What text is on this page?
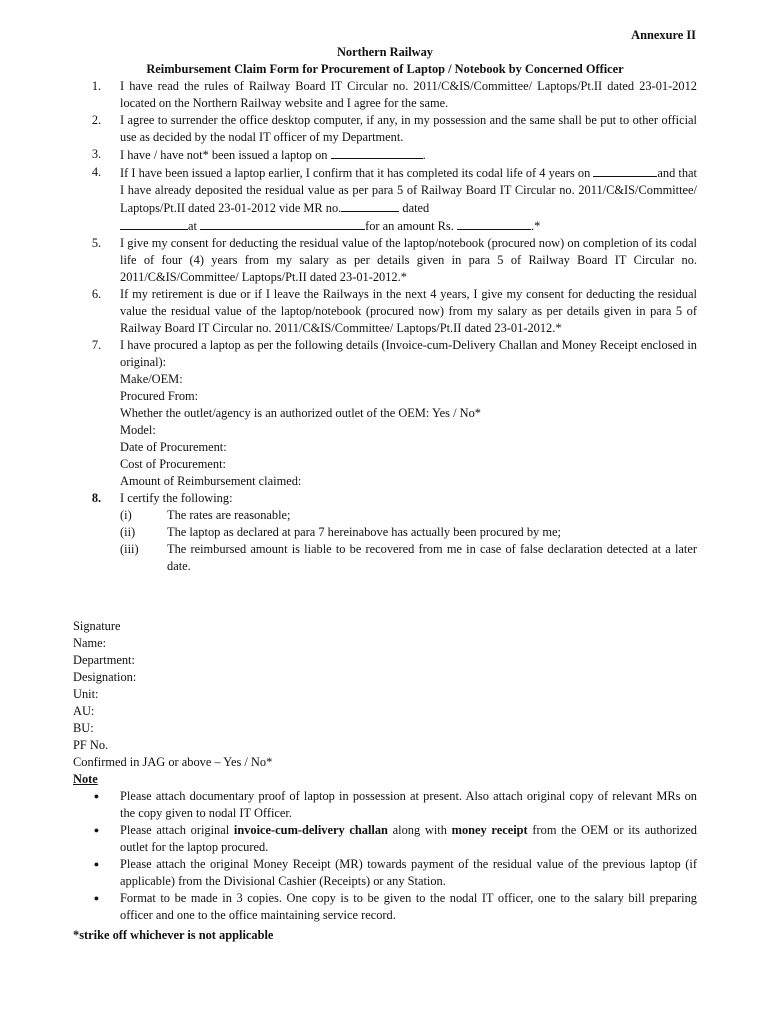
Annexure II
Northern Railway
Reimbursement Claim Form for Procurement of Laptop / Notebook by Concerned Officer
1.	I have read the rules of Railway Board IT Circular no. 2011/C&IS/Committee/ Laptops/Pt.II dated 23-01-2012 located on the Northern Railway website and I agree for the same.
2.	I agree to surrender the office desktop computer, if any, in my possession and the same shall be put to other official use as decided by the nodal IT officer of my Department.
3.	I have / have not* been issued a laptop on	.
4.	If I have been issued a laptop earlier, I confirm that it has completed its codal life of 4 years on	and that I have already deposited the residual value as per para 5 of Railway Board IT Circular no. 2011/C&IS/Committee/ Laptops/Pt.II dated 23-01-2012 vide MR no.	dated
at	for an amount Rs.	.*
5.	I give my consent for deducting the residual value of the laptop/notebook (procured now) on completion of its codal life of four (4) years from my salary as per details given in para 5 of Railway Board IT Circular no. 2011/C&IS/Committee/ Laptops/Pt.II dated 23-01-2012.*
6.	If my retirement is due or if I leave the Railways in the next 4 years, I give my consent for deducting the residual value the residual value of the laptop/notebook (procured now) from my salary as per details given in para 5 of Railway Board IT Circular no. 2011/C&IS/Committee/ Laptops/Pt.II dated 23-01-2012.*
7.	I have procured a laptop as per the following details (Invoice-cum-Delivery Challan and Money Receipt enclosed in original):
Make/OEM:
Procured From:
Whether the outlet/agency is an authorized outlet of the OEM: Yes / No*
Model:
Date of Procurement:
Cost of Procurement:
Amount of Reimbursement claimed:
8.	I certify the following:
(i)	The rates are reasonable;
(ii)	The laptop as declared at para 7 hereinabove has actually been procured by me;
(iii)	The reimbursed amount is liable to be recovered from me in case of false declaration detected at a later date.
Signature
Name:
Department:
Designation:
Unit:
AU:
BU:
PF No.
Confirmed in JAG or above – Yes / No*
Note
●	Please attach documentary proof of laptop in possession at present. Also attach original copy of relevant MRs on the copy given to nodal IT Officer.
●	Please attach original invoice-cum-delivery challan along with money receipt from the OEM or its authorized outlet for the laptop procured.
●	Please attach the original Money Receipt (MR) towards payment of the residual value of the previous laptop (if applicable) from the Divisional Cashier (Receipts) or any Station.
●	Format to be made in 3 copies. One copy is to be given to the nodal IT officer, one to the salary bill preparing officer and one to the office maintaining service record.
*strike off whichever is not applicable
